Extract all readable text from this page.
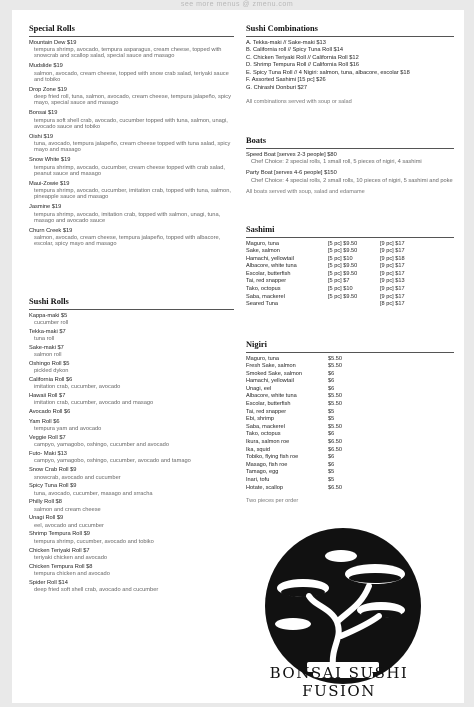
see more menus @ zmenu.com
Special Rolls
Mountain Dew $19
tempura shrimp, avocado, tempura asparagus, cream cheese, topped with snowcrab and scallop salad, special sauce and masago
Mudslide $19
salmon, avocado, cream cheese, topped with snow crab salad, teriyaki sauce and tobiko
Drop Zone $19
deep fried roll, tuna, salmon, avocado, cream cheese, tempura jalapeño, spicy mayo, special sauce and masago
Bonsai $19
tempura soft shell crab, avocado, cucumber topped with tuna, salmon, unagi, avocado sauce and tobiko
Oishi $19
tuna, avocado, tempura jalapeño, cream cheese topped with tuna salad, spicy mayo and masago
Snow White $19
tempura shrimp, avocado, cucumber, cream cheese topped with crab salad, peanut sauce and masago
Maui-Zowie $19
tempura shrimp, avocado, cucumber, imitation crab, topped with tuna, salmon, pineapple sauce and masago
Jasmine $19
tempura shrimp, avocado, imitation crab, topped with salmon, unagi, tuna, masago and avocado sauce
Churn Creek $19
salmon, avocado, cream cheese, tempura jalapeño, topped with albacore, escolar, spicy mayo and masago
Sushi Rolls
Kappa-maki $5
cucumber roll
Tekka-maki $7
tuna roll
Sake-maki $7
salmon roll
Oshingo Roll $5
pickled dykon
California Roll $6
imitation crab, cucumber, avocado
Hawaii Roll $7
imitation crab, cucumber, avocado and masago
Avocado Roll $6
Yam Roll $6
tempura yam and avocado
Veggie Roll $7
campyo, yamagobo, oshingo, cucumber and avocado
Futo- Maki $13
campyo, yamagobo, oshingo, cucumber, avocado and tamago
Snow Crab Roll $9
snowcrab, avocado and cucumber
Spicy Tuna Roll $9
tuna, avocado, cucumber, masago and srracha
Philly Roll $8
salmon and cream cheese
Unagi Roll $9
eel, avocado and cucumber
Shrimp Tempura Roll $9
tempura shrimp, cucumber, avocado and tobiko
Chicken Teriyaki Roll $7
teriyaki chicken and avocado
Chicken Tempura Roll $8
tempura chicken and avocado
Spider Roll $14
deep fried soft shell crab, avocado and cucumber
Sushi Combinations
A. Tekka-maki // Sake-maki $13
B. California roll // Spicy Tuna Roll $14
C. Chicken Teriyaki Roll // California Roll $12
D. Shrimp Tempura Roll // California Roll $16
E. Spicy Tuna Roll // 4 Nigiri: salmon, tuna, albacore, escolar $18
F. Assorted Sashimi [15 pc] $26
G. Chirashi Donburi $27
All combinations served with soup or salad
Boats
Speed Boat [serves 2-3 people] $80
Chef Choice: 2 special rolls, 1 small roll, 5 pieces of nigiri, 4 sashimi
Party Boat [serves 4-6 people] $150
Chef Choice: 4 special rolls, 2 small rolls, 10 pieces of nigiri, 5 sashimi and poke
All boats served with soup, salad and edamame
Sashimi
Maguro, tuna	[5 pc] $9.50	[9 pc] $17
Sake, salmon	[5 pc] $9.50	[9 pc] $17
Hamachi, yellowtail	[5 pc] $10	[9 pc] $18
Albacore, white tuna	[5 pc] $9.50	[9 pc] $17
Escolar, butterfish	[5 pc] $9.50	[9 pc] $17
Tai, red snapper	[5 pc] $7	[9 pc] $13
Tako, octopus	[5 pc] $10	[9 pc] $17
Saba, mackerel	[5 pc] $9.50	[9 pc] $17
Seared Tuna	[8 pc] $17
Nigiri
Maguro, tuna	$5.50
Fresh Sake, salmon	$5.50
Smoked Sake, salmon	$6
Hamachi, yellowtail	$6
Unagi, eel	$6
Albacore, white tuna	$5.50
Escolar, butterfish	$5.50
Tai, red snapper	$5
Ebi, shrimp	$5
Saba, mackerel	$5.50
Tako, octopus	$6
Ikura, salmon roe	$6.50
Ika, squid	$6.50
Tobiko, flying fish roe	$6
Masago, fish roe	$6
Tamago, egg	$5
Inari, tofu	$5
Hotate, scallop	$6.50
Two pieces per order
BONSAI SUSHI FUSION
